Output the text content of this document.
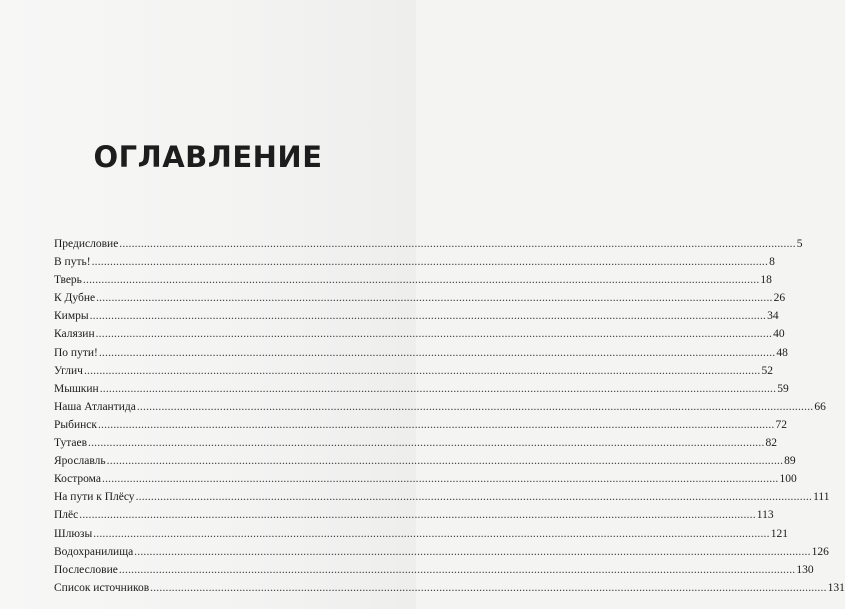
ОГЛАВЛЕНИЕ
Предисловие ............................................................................................................................................................................................................................ 5
В путь! ............................................................................................................................................................................................................................ 8
Тверь ............................................................................................................................................................................................................................ 18
К Дубне ............................................................................................................................................................................................................................ 26
Кимры ............................................................................................................................................................................................................................ 34
Калязин ............................................................................................................................................................................................................................ 40
По пути! ............................................................................................................................................................................................................................ 48
Углич ............................................................................................................................................................................................................................ 52
Мышкин ............................................................................................................................................................................................................................ 59
Наша Атлантида ............................................................................................................................................................................................................................ 66
Рыбинск ............................................................................................................................................................................................................................ 72
Тутаев ............................................................................................................................................................................................................................ 82
Ярославль ............................................................................................................................................................................................................................ 89
Кострома ............................................................................................................................................................................................................................ 100
На пути к Плёсу ............................................................................................................................................................................................................................ 111
Плёс ............................................................................................................................................................................................................................ 113
Шлюзы ............................................................................................................................................................................................................................ 121
Водохранилища ............................................................................................................................................................................................................................ 126
Послесловие ............................................................................................................................................................................................................................ 130
Список источников ............................................................................................................................................................................................................................ 131
